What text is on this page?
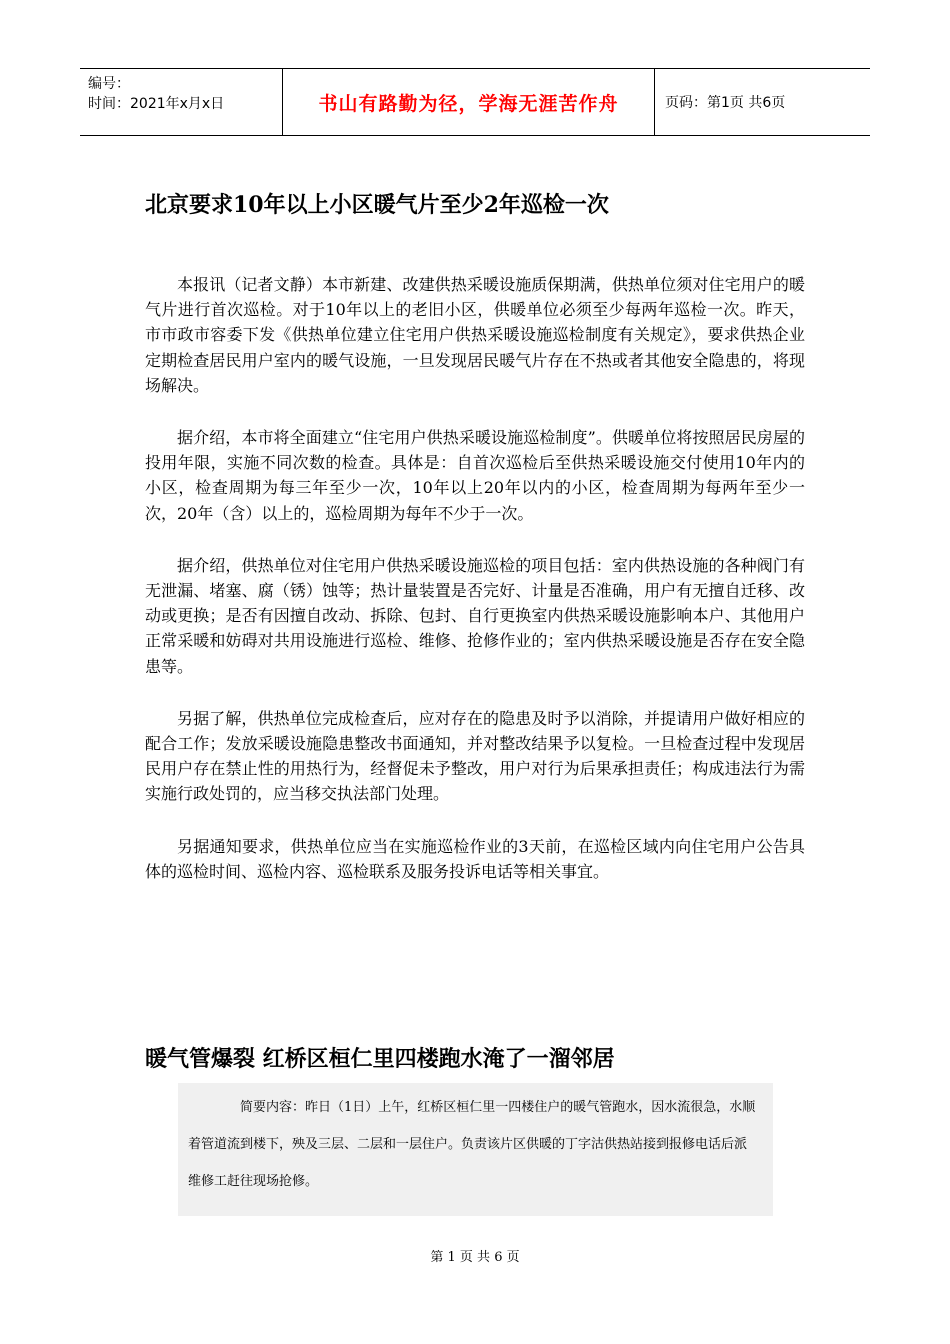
编号：
时间：2021年x月x日	书山有路勤为径，学海无涯苦作舟	页码：第1页 共6页
北京要求10年以上小区暖气片至少2年巡检一次

本报讯（记者文静）本市新建、改建供热采暖设施质保期满，供热单位须对住宅用户的暖气片进行首次巡检。对于10年以上的老旧小区，供暖单位必须至少每两年巡检一次。昨天，市市政市容委下发《供热单位建立住宅用户供热采暖设施巡检制度有关规定》，要求供热企业定期检查居民用户室内的暖气设施，一旦发现居民暖气片存在不热或者其他安全隐患的，将现场解决。

据介绍，本市将全面建立“住宅用户供热采暖设施巡检制度”。供暖单位将按照居民房屋的投用年限，实施不同次数的检查。具体是：自首次巡检后至供热采暖设施交付使用10年内的小区，检查周期为每三年至少一次，10年以上20年以内的小区，检查周期为每两年至少一次，20年（含）以上的，巡检周期为每年不少于一次。

据介绍，供热单位对住宅用户供热采暖设施巡检的项目包括：室内供热设施的各种阀门有无泄漏、堵塞、腐（锈）蚀等；热计量装置是否完好、计量是否准确，用户有无擅自迁移、改动或更换；是否有因擅自改动、拆除、包封、自行更换室内供热采暖设施影响本户、其他用户正常采暖和妨碍对共用设施进行巡检、维修、抢修作业的；室内供热采暖设施是否存在安全隐患等。

另据了解，供热单位完成检查后，应对存在的隐患及时予以消除，并提请用户做好相应的配合工作；发放采暖设施隐患整改书面通知，并对整改结果予以复检。一旦检查过程中发现居民用户存在禁止性的用热行为，经督促未予整改，用户对行为后果承担责任；构成违法行为需实施行政处罚的，应当移交执法部门处理。

另据通知要求，供热单位应当在实施巡检作业的3天前，在巡检区域内向住宅用户公告具体的巡检时间、巡检内容、巡检联系及服务投诉电话等相关事宜。

暖气管爆裂 红桥区桓仁里四楼跑水淹了一溜邻居

简要内容：昨日（1日）上午，红桥区桓仁里一四楼住户的暖气管跑水，因水流很急，水顺着管道流到楼下，殃及三层、二层和一层住户。负责该片区供暖的丁字沽供热站接到报修电话后派维修工赶往现场抢修。

第 1 页 共 6 页
